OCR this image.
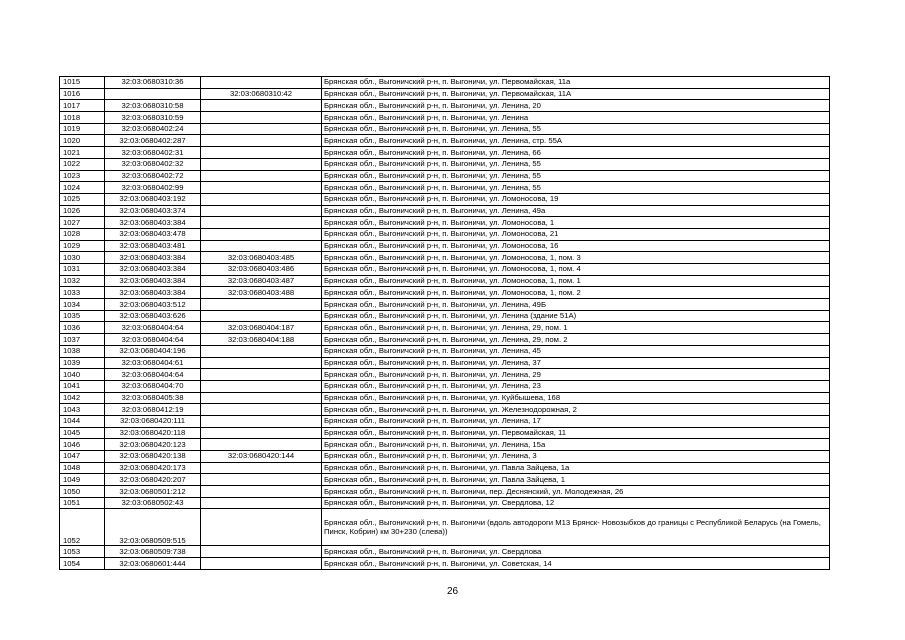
1015	32:03:0680310:36		Брянская обл., Выгоничский р-н, п. Выгоничи, ул. Первомайская, 11а
1016		32:03:0680310:42	Брянская обл., Выгоничский р-н, п. Выгоничи, ул. Первомайская, 11А
1017	32:03:0680310:58		Брянская обл., Выгоничский р-н, п. Выгоничи, ул. Ленина, 20
1018	32:03:0680310:59		Брянская обл., Выгоничский р-н, п. Выгоничи, ул. Ленина
1019	32:03:0680402:24		Брянская обл., Выгоничский р-н, п. Выгоничи, ул. Ленина, 55
1020	32:03:0680402:287		Брянская обл., Выгоничский р-н, п. Выгоничи, ул. Ленина, стр. 55А
1021	32:03:0680402:31		Брянская обл., Выгоничский р-н, п. Выгоничи, ул. Ленина, 66
1022	32:03:0680402:32		Брянская обл., Выгоничский р-н, п. Выгоничи, ул. Ленина, 55
1023	32:03:0680402:72		Брянская обл., Выгоничский р-н, п. Выгоничи, ул. Ленина, 55
1024	32:03:0680402:99		Брянская обл., Выгоничский р-н, п. Выгоничи, ул. Ленина, 55
1025	32:03:0680403:192		Брянская обл., Выгоничский р-н, п. Выгоничи, ул. Ломоносова, 19
1026	32:03:0680403:374		Брянская обл., Выгоничский р-н, п. Выгоничи, ул. Ленина, 49а
1027	32:03:0680403:384		Брянская обл., Выгоничский р-н, п. Выгоничи, ул. Ломоносова, 1
1028	32:03:0680403:478		Брянская обл., Выгоничский р-н, п. Выгоничи, ул. Ломоносова, 21
1029	32:03:0680403:481		Брянская обл., Выгоничский р-н, п. Выгоничи, ул. Ломоносова, 16
1030	32:03:0680403:384	32:03:0680403:485	Брянская обл., Выгоничский р-н, п. Выгоничи, ул. Ломоносова, 1, пом. 3
1031	32:03:0680403:384	32:03:0680403:486	Брянская обл., Выгоничский р-н, п. Выгоничи, ул. Ломоносова, 1, пом. 4
1032	32:03:0680403:384	32:03:0680403:487	Брянская обл., Выгоничский р-н, п. Выгоничи, ул. Ломоносова, 1, пом. 1
1033	32:03:0680403:384	32:03:0680403:488	Брянская обл., Выгоничский р-н, п. Выгоничи, ул. Ломоносова, 1, пом. 2
1034	32:03:0680403:512		Брянская обл., Выгоничский р-н, п. Выгоничи, ул. Ленина, 49Б
1035	32:03:0680403:626		Брянская обл., Выгоничский р-н, п. Выгоничи, ул. Ленина (здание 51А)
1036	32:03:0680404:64	32:03:0680404:187	Брянская обл., Выгоничский р-н, п. Выгоничи, ул. Ленина, 29, пом. 1
1037	32:03:0680404:64	32:03:0680404:188	Брянская обл., Выгоничский р-н, п. Выгоничи, ул. Ленина, 29, пом. 2
1038	32:03:0680404:196		Брянская обл., Выгоничский р-н, п. Выгоничи, ул. Ленина, 45
1039	32:03:0680404:61		Брянская обл., Выгоничский р-н, п. Выгоничи, ул. Ленина, 37
1040	32:03:0680404:64		Брянская обл., Выгоничский р-н, п. Выгоничи, ул. Ленина, 29
1041	32:03:0680404:70		Брянская обл., Выгоничский р-н, п. Выгоничи, ул. Ленина, 23
1042	32:03:0680405:38		Брянская обл., Выгоничский р-н, п. Выгоничи, ул. Куйбышева, 168
1043	32:03:0680412:19		Брянская обл., Выгоничский р-н, п. Выгоничи, ул. Железнодорожная, 2
1044	32:03:0680420:111		Брянская обл., Выгоничский р-н, п. Выгоничи, ул. Ленина, 17
1045	32:03:0680420:118		Брянская обл., Выгоничский р-н, п. Выгоничи, ул. Первомайская, 11
1046	32:03:0680420:123		Брянская обл., Выгоничский р-н, п. Выгоничи, ул. Ленина, 15а
1047	32:03:0680420:138	32:03:0680420:144	Брянская обл., Выгоничский р-н, п. Выгоничи, ул. Ленина, 3
1048	32:03:0680420:173		Брянская обл., Выгоничский р-н, п. Выгоничи, ул. Павла Зайцева, 1а
1049	32:03:0680420:207		Брянская обл., Выгоничский р-н, п. Выгоничи, ул. Павла Зайцева, 1
1050	32:03:0680501:212		Брянская обл., Выгоничский р-н, п. Выгоничи, пер. Деснянский, ул. Молодежная, 26
1051	32:03:0680502:43		Брянская обл., Выгоничский р-н, п. Выгоничи, ул. Свердлова, 12
1052	32:03:0680509:515		Брянская обл., Выгоничский р-н, п. Выгоничи (вдоль автодороги М13 Брянск- Новозыбков до границы с Республикой Беларусь (на Гомель, Пинск, Кобрин) км 30+230 (слева))
1053	32:03:0680509:738		Брянская обл., Выгоничский р-н, п. Выгоничи, ул. Свердлова
1054	32:03:0680601:444		Брянская обл., Выгоничский р-н, п. Выгоничи, ул. Советская, 14
26
